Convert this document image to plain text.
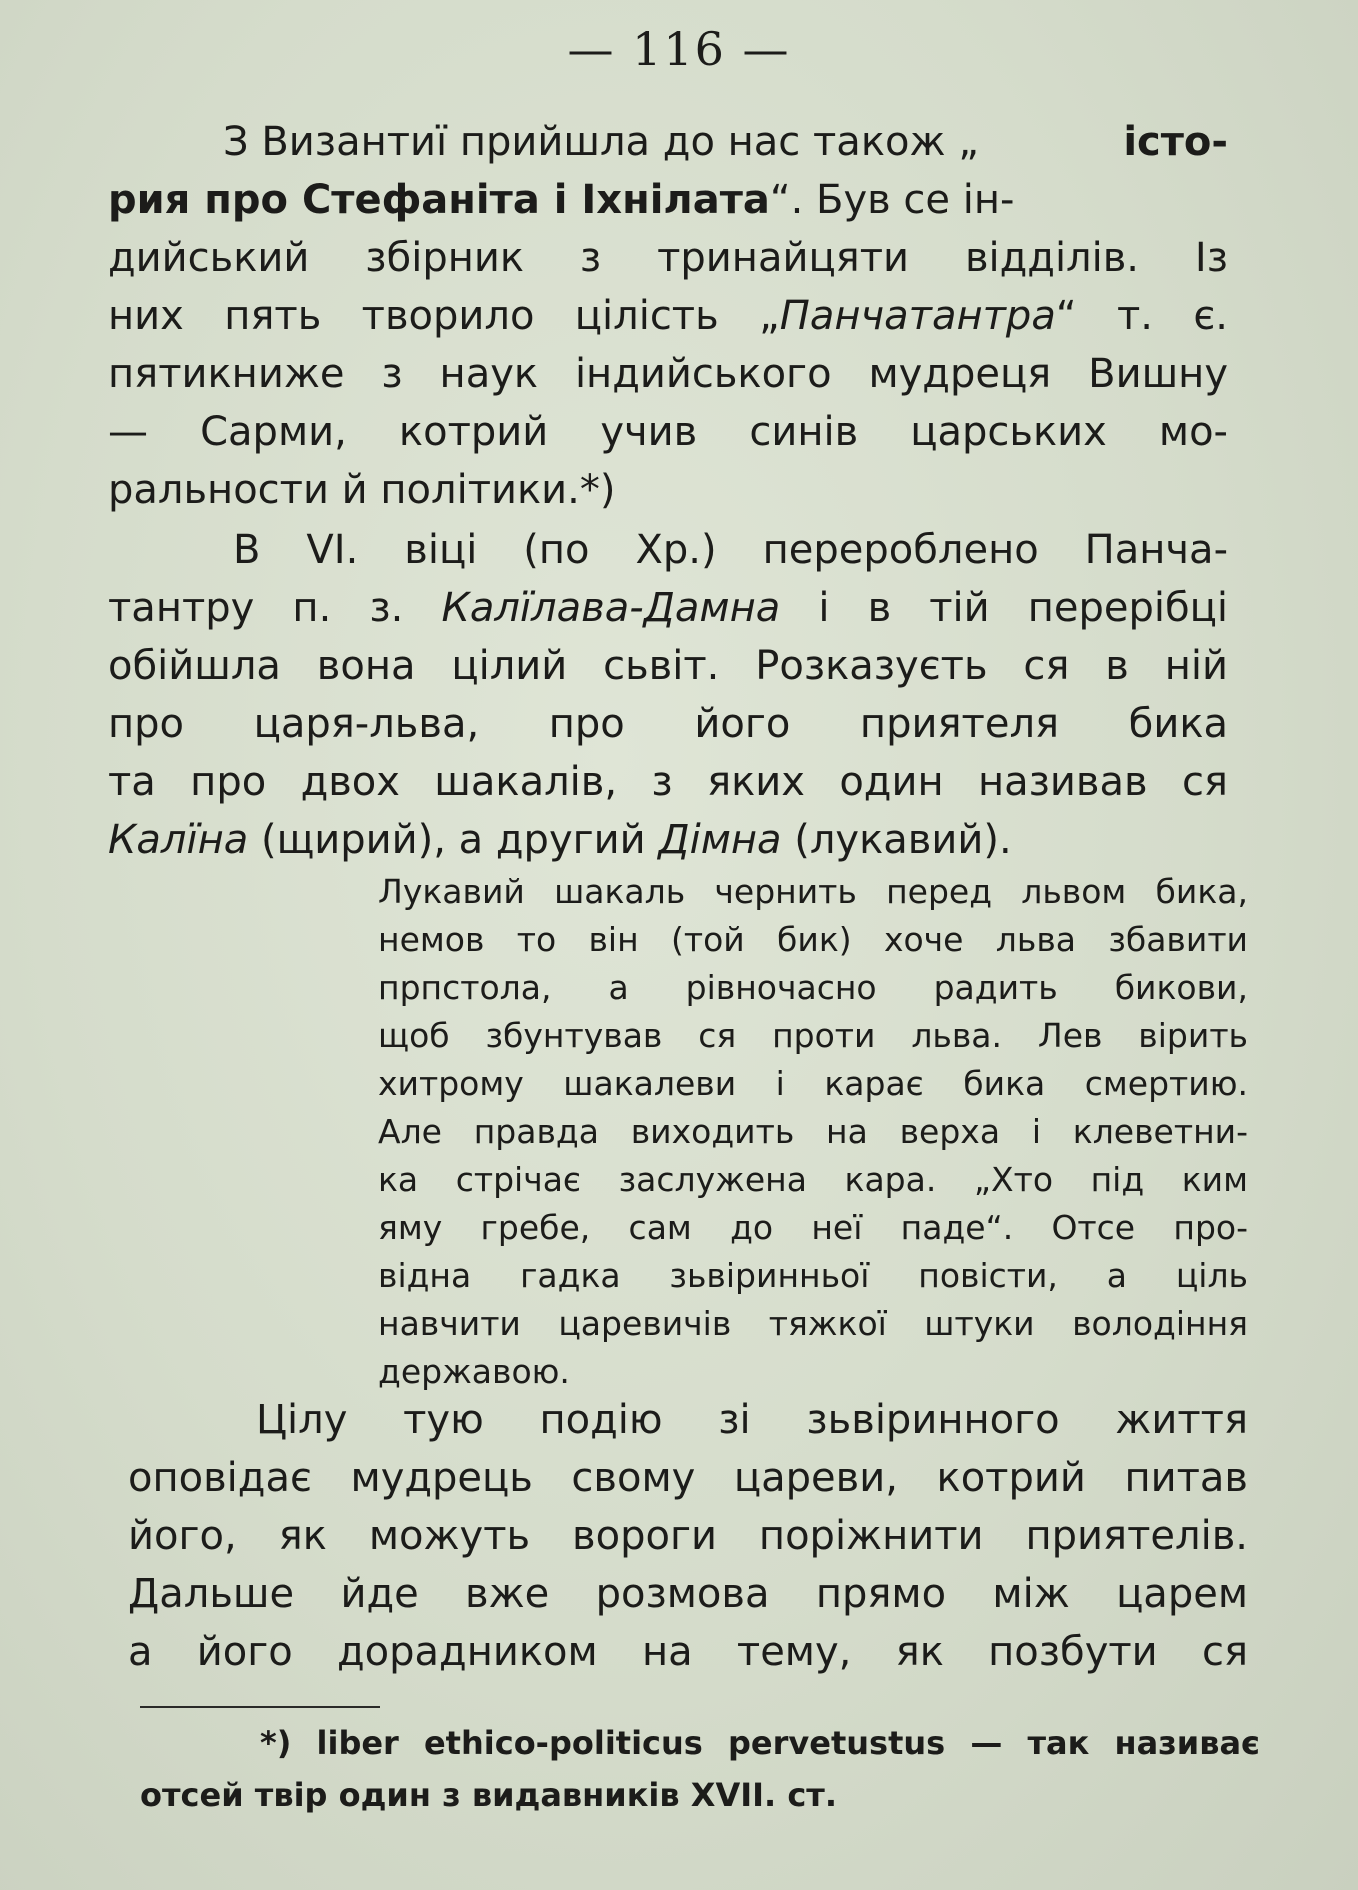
— 116 —
З Византиї прийшла до нас також „	істо-
рия про Стефаніта і Іхнілата“. Був се ін-
дийський збірник з тринайцяти відділів. Із
них пять творило цілість „Панчатантра“ т. є.
пятикниже з наук індийського мудреця Вишну
— Сарми, котрий учив синів царських мо-
ральности й політики.*)
В VI. віці (по Хр.) перероблено Панча-
тантру п. з. Калїлава-Дамна і в тій перерібці
обійшла вона цілий сьвіт. Розказуєть ся в ній
про царя-льва, про його приятеля бика
та про двох шакалів, з яких один називав ся
Калїна (щирий), а другий Дімна (лукавий).
Лукавий шакаль чернить перед львом бика,
немов то він (той бик) хоче льва збавити
прпстола, а рівночасно радить бикови,
щоб збунтував ся проти льва. Лев вірить
хитрому шакалеви і карає бика смертию.
Але правда виходить на верха і клеветни-
ка стрічає заслужена кара. „Хто під ким
яму гребе, сам до неї паде“. Отсе про-
відна гадка зьвіринньої повісти, а ціль
навчити царевичів тяжкої штуки володіння
державою.
Цілу тую подію зі зьвіринного життя
оповідає мудрець свому цареви, котрий питав
його, як можуть вороги поріжнити приятелів.
Дальше йде вже розмова прямо між царем
а його дорадником на тему, як позбути ся
*) liber ethico-politicus pervetustus — так називає
отсей твір один з видавників XVII. ст.
